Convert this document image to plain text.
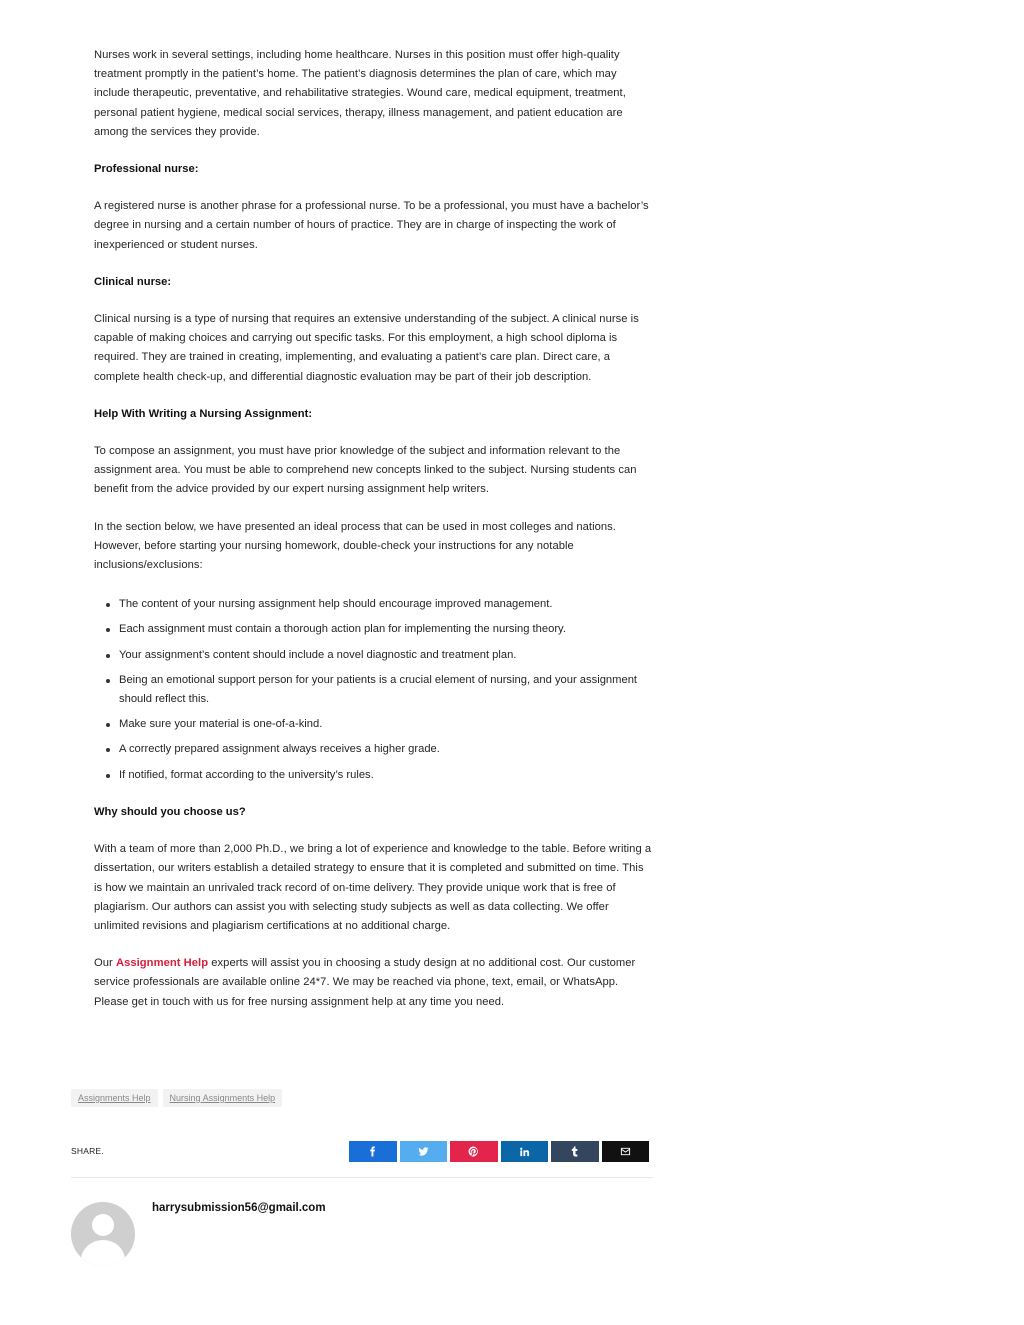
Nurses work in several settings, including home healthcare. Nurses in this position must offer high-quality treatment promptly in the patient’s home. The patient’s diagnosis determines the plan of care, which may include therapeutic, preventative, and rehabilitative strategies. Wound care, medical equipment, treatment, personal patient hygiene, medical social services, therapy, illness management, and patient education are among the services they provide.

Professional nurse:

A registered nurse is another phrase for a professional nurse. To be a professional, you must have a bachelor’s degree in nursing and a certain number of hours of practice. They are in charge of inspecting the work of inexperienced or student nurses.

Clinical nurse:

Clinical nursing is a type of nursing that requires an extensive understanding of the subject. A clinical nurse is capable of making choices and carrying out specific tasks. For this employment, a high school diploma is required. They are trained in creating, implementing, and evaluating a patient’s care plan. Direct care, a complete health check-up, and differential diagnostic evaluation may be part of their job description.

Help With Writing a Nursing Assignment:

To compose an assignment, you must have prior knowledge of the subject and information relevant to the assignment area. You must be able to comprehend new concepts linked to the subject. Nursing students can benefit from the advice provided by our expert nursing assignment help writers.

In the section below, we have presented an ideal process that can be used in most colleges and nations. However, before starting your nursing homework, double-check your instructions for any notable inclusions/exclusions:

The content of your nursing assignment help should encourage improved management.
Each assignment must contain a thorough action plan for implementing the nursing theory.
Your assignment’s content should include a novel diagnostic and treatment plan.
Being an emotional support person for your patients is a crucial element of nursing, and your assignment should reflect this.
Make sure your material is one-of-a-kind.
A correctly prepared assignment always receives a higher grade.
If notified, format according to the university’s rules.
Why should you choose us?

With a team of more than 2,000 Ph.D., we bring a lot of experience and knowledge to the table. Before writing a dissertation, our writers establish a detailed strategy to ensure that it is completed and submitted on time. This is how we maintain an unrivaled track record of on-time delivery. They provide unique work that is free of plagiarism. Our authors can assist you with selecting study subjects as well as data collecting. We offer unlimited revisions and plagiarism certifications at no additional charge.

Our Assignment Help experts will assist you in choosing a study design at no additional cost. Our customer service professionals are available online 24*7. We may be reached via phone, text, email, or WhatsApp. Please get in touch with us for free nursing assignment help at any time you need.

Assignments Help	Nursing Assignments Help
SHARE.
harrysubmission56@gmail.com
